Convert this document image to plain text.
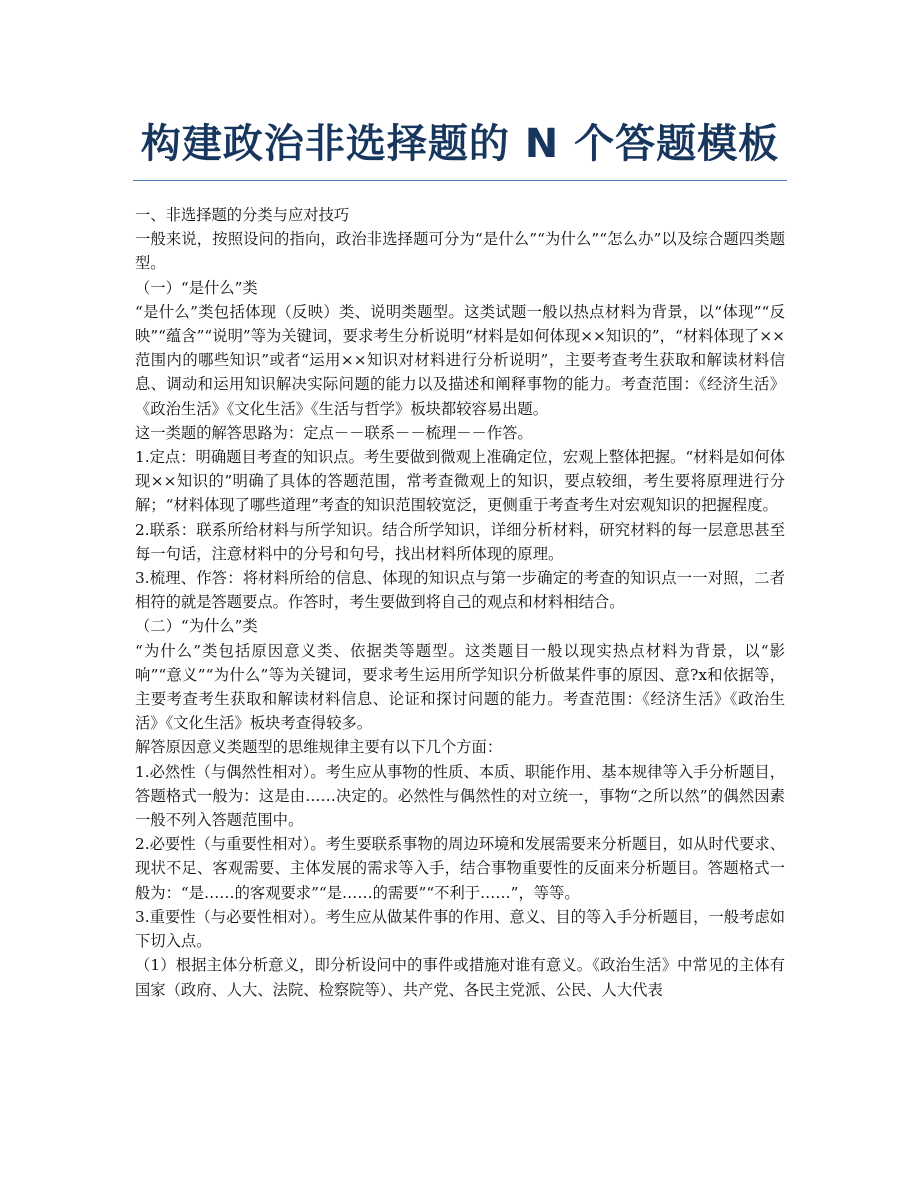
构建政治非选择题的 N 个答题模板

一、非选择题的分类与应对技巧

一般来说，按照设问的指向，政治非选择题可分为“是什么”“为什么”“怎么办”以及综合题四类题型。

（一）“是什么”类

“是什么”类包括体现（反映）类、说明类题型。这类试题一般以热点材料为背景，以“体现”“反映”“蕴含”“说明”等为关键词，要求考生分析说明“材料是如何体现××知识的”，“材料体现了××范围内的哪些知识”或者“运用××知识对材料进行分析说明”，主要考查考生获取和解读材料信息、调动和运用知识解决实际问题的能力以及描述和阐释事物的能力。考查范围：《经济生活》《政治生活》《文化生活》《生活与哲学》板块都较容易出题。

这一类题的解答思路为：定点－－联系－－梳理－－作答。

1.定点：明确题目考查的知识点。考生要做到微观上准确定位，宏观上整体把握。“材料是如何体现××知识的”明确了具体的答题范围，常考查微观上的知识，要点较细，考生要将原理进行分解；“材料体现了哪些道理”考查的知识范围较宽泛，更侧重于考查考生对宏观知识的把握程度。

2.联系：联系所给材料与所学知识。结合所学知识，详细分析材料，研究材料的每一层意思甚至每一句话，注意材料中的分号和句号，找出材料所体现的原理。

3.梳理、作答：将材料所给的信息、体现的知识点与第一步确定的考查的知识点一一对照，二者相符的就是答题要点。作答时，考生要做到将自己的观点和材料相结合。

（二）“为什么”类

“为什么”类包括原因意义类、依据类等题型。这类题目一般以现实热点材料为背景，以“影响”“意义”“为什么”等为关键词，要求考生运用所学知识分析做某件事的原因、意?x和依据等，主要考查考生获取和解读材料信息、论证和探讨问题的能力。考查范围：《经济生活》《政治生活》《文化生活》板块考查得较多。

解答原因意义类题型的思维规律主要有以下几个方面：

1.必然性（与偶然性相对）。考生应从事物的性质、本质、职能作用、基本规律等入手分析题目，答题格式一般为：这是由……决定的。必然性与偶然性的对立统一，事物“之所以然”的偶然因素一般不列入答题范围中。

2.必要性（与重要性相对）。考生要联系事物的周边环境和发展需要来分析题目，如从时代要求、现状不足、客观需要、主体发展的需求等入手，结合事物重要性的反面来分析题目。答题格式一般为：“是……的客观要求”“是……的需要”“不利于……”，等等。

3.重要性（与必要性相对）。考生应从做某件事的作用、意义、目的等入手分析题目，一般考虑如下切入点。

（1）根据主体分析意义，即分析设问中的事件或措施对谁有意义。《政治生活》中常见的主体有国家（政府、人大、法院、检察院等）、共产党、各民主党派、公民、人大代表
